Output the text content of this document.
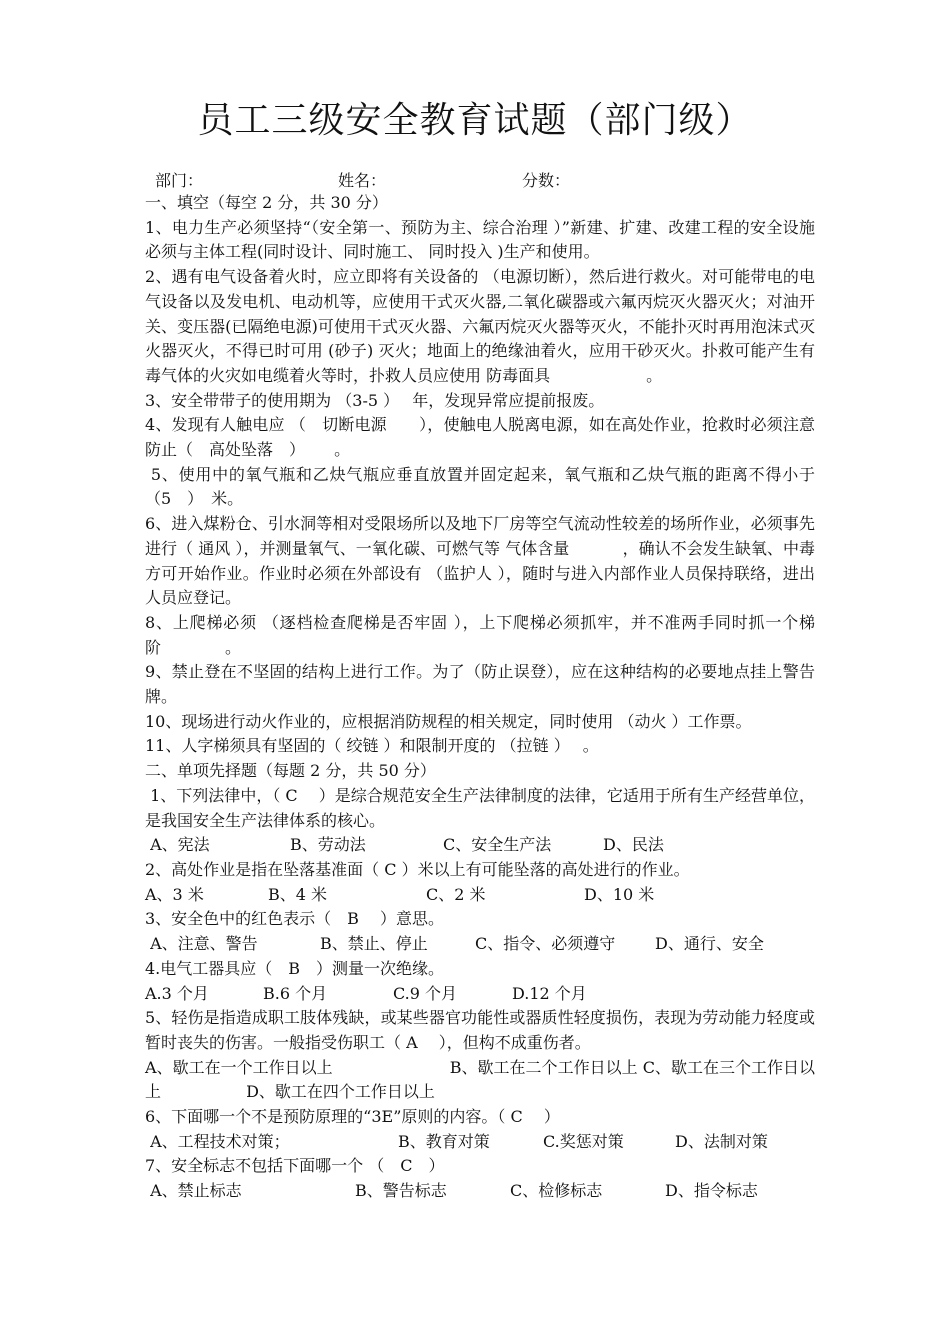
员工三级安全教育试题（部门级）
部门：	姓名：	分数：

一、填空（每空 2 分，共 30 分）

1、电力生产必须坚持“（安全第一、预防为主、综合治理 ）”新建、扩建、改建工程的安全设施必须与主体工程(同时设计、同时施工、 同时投入 )生产和使用。

2、遇有电气设备着火时，应立即将有关设备的 （电源切断），然后进行救火。对可能带电的电气设备以及发电机、电动机等，应使用干式灭火器,二氧化碳器或六氟丙烷灭火器灭火；对油开关、变压器(已隔绝电源)可使用干式灭火器、六氟丙烷灭火器等灭火，不能扑灭时再用泡沫式灭火器灭火，不得已时可用 (砂子) 灭火；地面上的绝缘油着火，应用干砂灭火。扑救可能产生有毒气体的火灾如电缆着火等时，扑救人员应使用 防毒面具　　　　　　。

3、安全带带子的使用期为 （3-5 ）　 年，发现异常应提前报废。

4、发现有人触电应 （　切断电源　　），使触电人脱离电源，如在高处作业，抢救时必须注意防止（　高处坠落　）　　 。

5、使用中的氧气瓶和乙炔气瓶应垂直放置并固定起来，氧气瓶和乙炔气瓶的距离不得小于（5　）　米。

6、进入煤粉仓、引水洞等相对受限场所以及地下厂房等空气流动性较差的场所作业，必须事先进行（ 通风 ），并测量氧气、一氧化碳、可燃气等 气体含量　　　 ，确认不会发生缺氧、中毒方可开始作业。作业时必须在外部设有 （监护人 ），随时与进入内部作业人员保持联络，进出人员应登记。

8、上爬梯必须 （逐档检查爬梯是否牢固 ），上下爬梯必须抓牢，并不准两手同时抓一个梯阶　　　　。

9、禁止登在不坚固的结构上进行工作。为了（防止误登），应在这种结构的必要地点挂上警告牌。

10、现场进行动火作业的，应根据消防规程的相关规定，同时使用 （动火 ）工作票。

11、人字梯须具有坚固的（ 绞链 ）和限制开度的 （拉链 ）　 。

二、单项先择题（每题 2 分，共 50 分）

1、下列法律中，（ C　 ）是综合规范安全生产法律制度的法律，它适用于所有生产经营单位，是我国安全生产法律体系的核心。

A、宪法	B、劳动法	C、安全生产法	D、民法

2、高处作业是指在坠落基准面（ C ）米以上有可能坠落的高处进行的作业。

A、3 米	B、4 米	C、2 米	D、10 米

3、安全色中的红色表示（　B　 ）意思。

A、注意、警告	B、禁止、停止	C、指令、必须遵守	D、通行、安全

4.电气工器具应（　B　）测量一次绝缘。

A.3 个月	B.6 个月	C.9 个月	D.12 个月

5、轻伤是指造成职工肢体残缺，或某些器官功能性或器质性轻度损伤，表现为劳动能力轻度或暂时丧失的伤害。一般指受伤职工（ A　 ），但构不成重伤者。

A、歇工在一个工作日以上　　　　　　　 B、歇工在二个工作日以上 C、歇工在三个工作日以上　　　　　 D、歇工在四个工作日以上

6、下面哪一个不是预防原理的“3E”原则的内容。（ C　 ）

A、工程技术对策；	B、教育对策	C.奖惩对策	D、法制对策

7、安全标志不包括下面哪一个 （　C　）

A、禁止标志	B、警告标志	C、检修标志	D、指令标志
